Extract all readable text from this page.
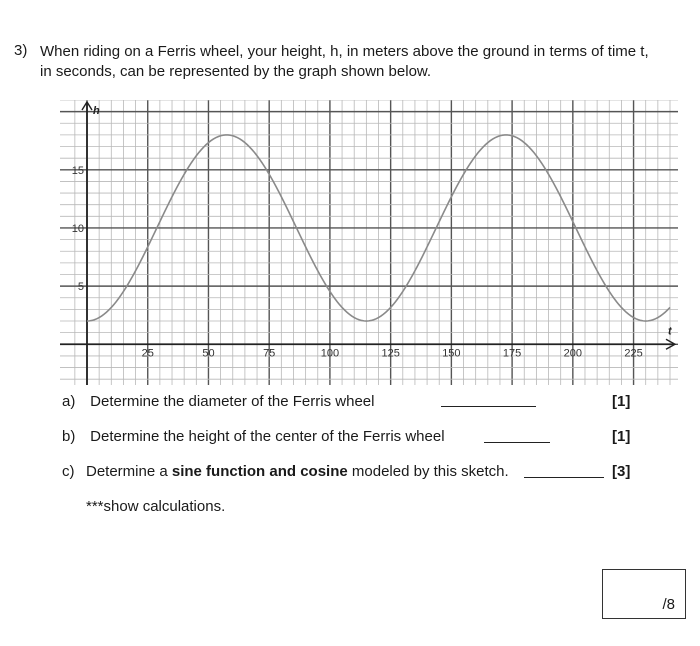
3) When riding on a Ferris wheel, your height, h, in meters above the ground in terms of time t, in seconds, can be represented by the graph shown below.
t
h
25	50	75	100	125	150	175	200	225
5
10
15
a) Determine the diameter of the Ferris wheel	[1]
b) Determine the height of the center of the Ferris wheel	[1]
c) Determine a sine function and cosine modeled by this sketch.	[3]
***show calculations.
/8
